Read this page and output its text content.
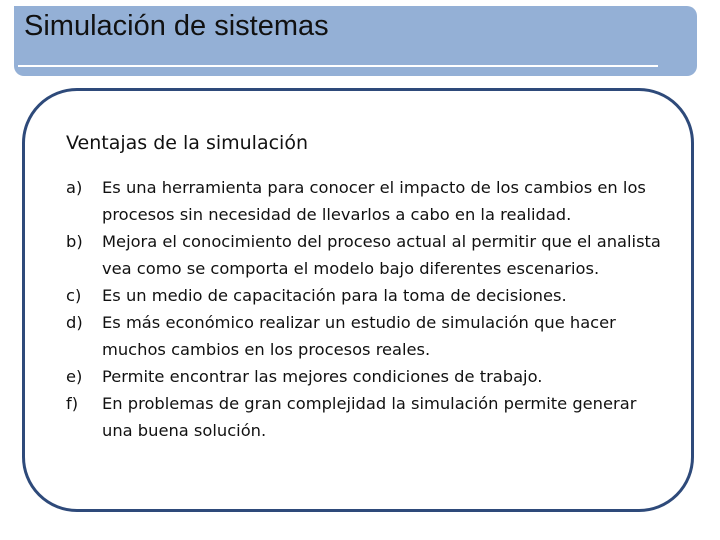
Simulación de sistemas
Ventajas de la simulación
a) Es una herramienta para conocer el impacto de los cambios en los procesos sin necesidad de llevarlos a cabo en la realidad.
b) Mejora el conocimiento del proceso actual al permitir que el analista vea como se comporta el modelo bajo diferentes escenarios.
c) Es un medio de capacitación para la toma de decisiones.
d) Es más económico realizar un estudio de simulación que hacer muchos cambios en los procesos reales.
e) Permite encontrar las mejores condiciones de trabajo.
f) En problemas de gran complejidad la simulación permite generar una buena solución.
